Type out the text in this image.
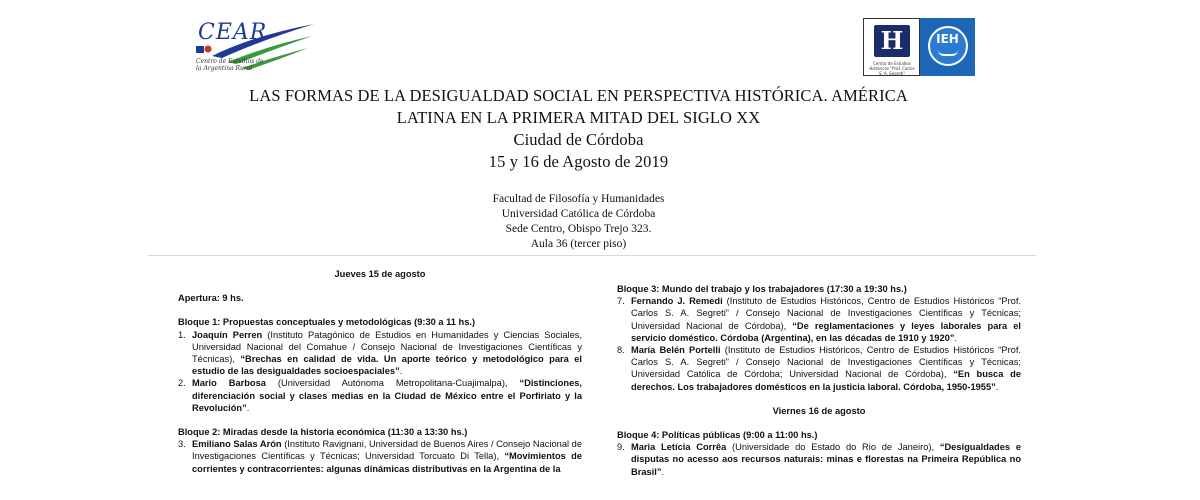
CEAR
Centro de Estudios de la Argentina Rural
H
Centro de Estudios Históricos "Prof. Carlos S. A. Segreti"
IEH
LAS FORMAS DE LA DESIGUALDAD SOCIAL EN PERSPECTIVA HISTÓRICA. AMÉRICA
LATINA EN LA PRIMERA MITAD DEL SIGLO XX
Ciudad de Córdoba
15 y 16 de Agosto de 2019
Facultad de Filosofía y Humanidades
Universidad Católica de Córdoba
Sede Centro, Obispo Trejo 323.
Aula 36 (tercer piso)
Jueves 15 de agosto
Apertura: 9 hs.
Bloque 1: Propuestas conceptuales y metodológicas (9:30 a 11 hs.)
1. Joaquín Perren (Instituto Patagónico de Estudios en Humanidades y Ciencias Sociales, Universidad Nacional del Comahue / Consejo Nacional de Investigaciones Científicas y Técnicas), “Brechas en calidad de vida. Un aporte teórico y metodológico para el estudio de las desigualdades socioespaciales”.
2. Mario Barbosa (Universidad Autónoma Metropolitana-Cuajimalpa), “Distinciones, diferenciación social y clases medias en la Ciudad de México entre el Porfiriato y la Revolución”.
Bloque 2: Miradas desde la historia económica (11:30 a 13:30 hs.)
3. Emiliano Salas Arón (Instituto Ravignani, Universidad de Buenos Aires / Consejo Nacional de Investigaciones Científicas y Técnicas; Universidad Torcuato Di Tella), “Movimientos de corrientes y contracorrientes: algunas dinámicas distributivas en la Argentina de la
Bloque 3: Mundo del trabajo y los trabajadores (17:30 a 19:30 hs.)
7. Fernando J. Remedi (Instituto de Estudios Históricos, Centro de Estudios Históricos “Prof. Carlos S. A. Segreti” / Consejo Nacional de Investigaciones Científicas y Técnicas; Universidad Nacional de Córdoba), “De reglamentaciones y leyes laborales para el servicio doméstico. Córdoba (Argentina), en las décadas de 1910 y 1920”.
8. María Belén Portelli (Instituto de Estudios Históricos, Centro de Estudios Históricos “Prof. Carlos S. A. Segreti” / Consejo Nacional de Investigaciones Científicas y Técnicas; Universidad Católica de Córdoba; Universidad Nacional de Córdoba), “En busca de derechos. Los trabajadores domésticos en la justicia laboral. Córdoba, 1950-1955”.
Viernes 16 de agosto
Bloque 4: Políticas públicas (9:00 a 11:00 hs.)
9. Maria Letícia Corrêa (Universidade do Estado do Rio de Janeiro), “Desigualdades e disputas no acesso aos recursos naturais: minas e florestas na Primeira República no Brasil”.
